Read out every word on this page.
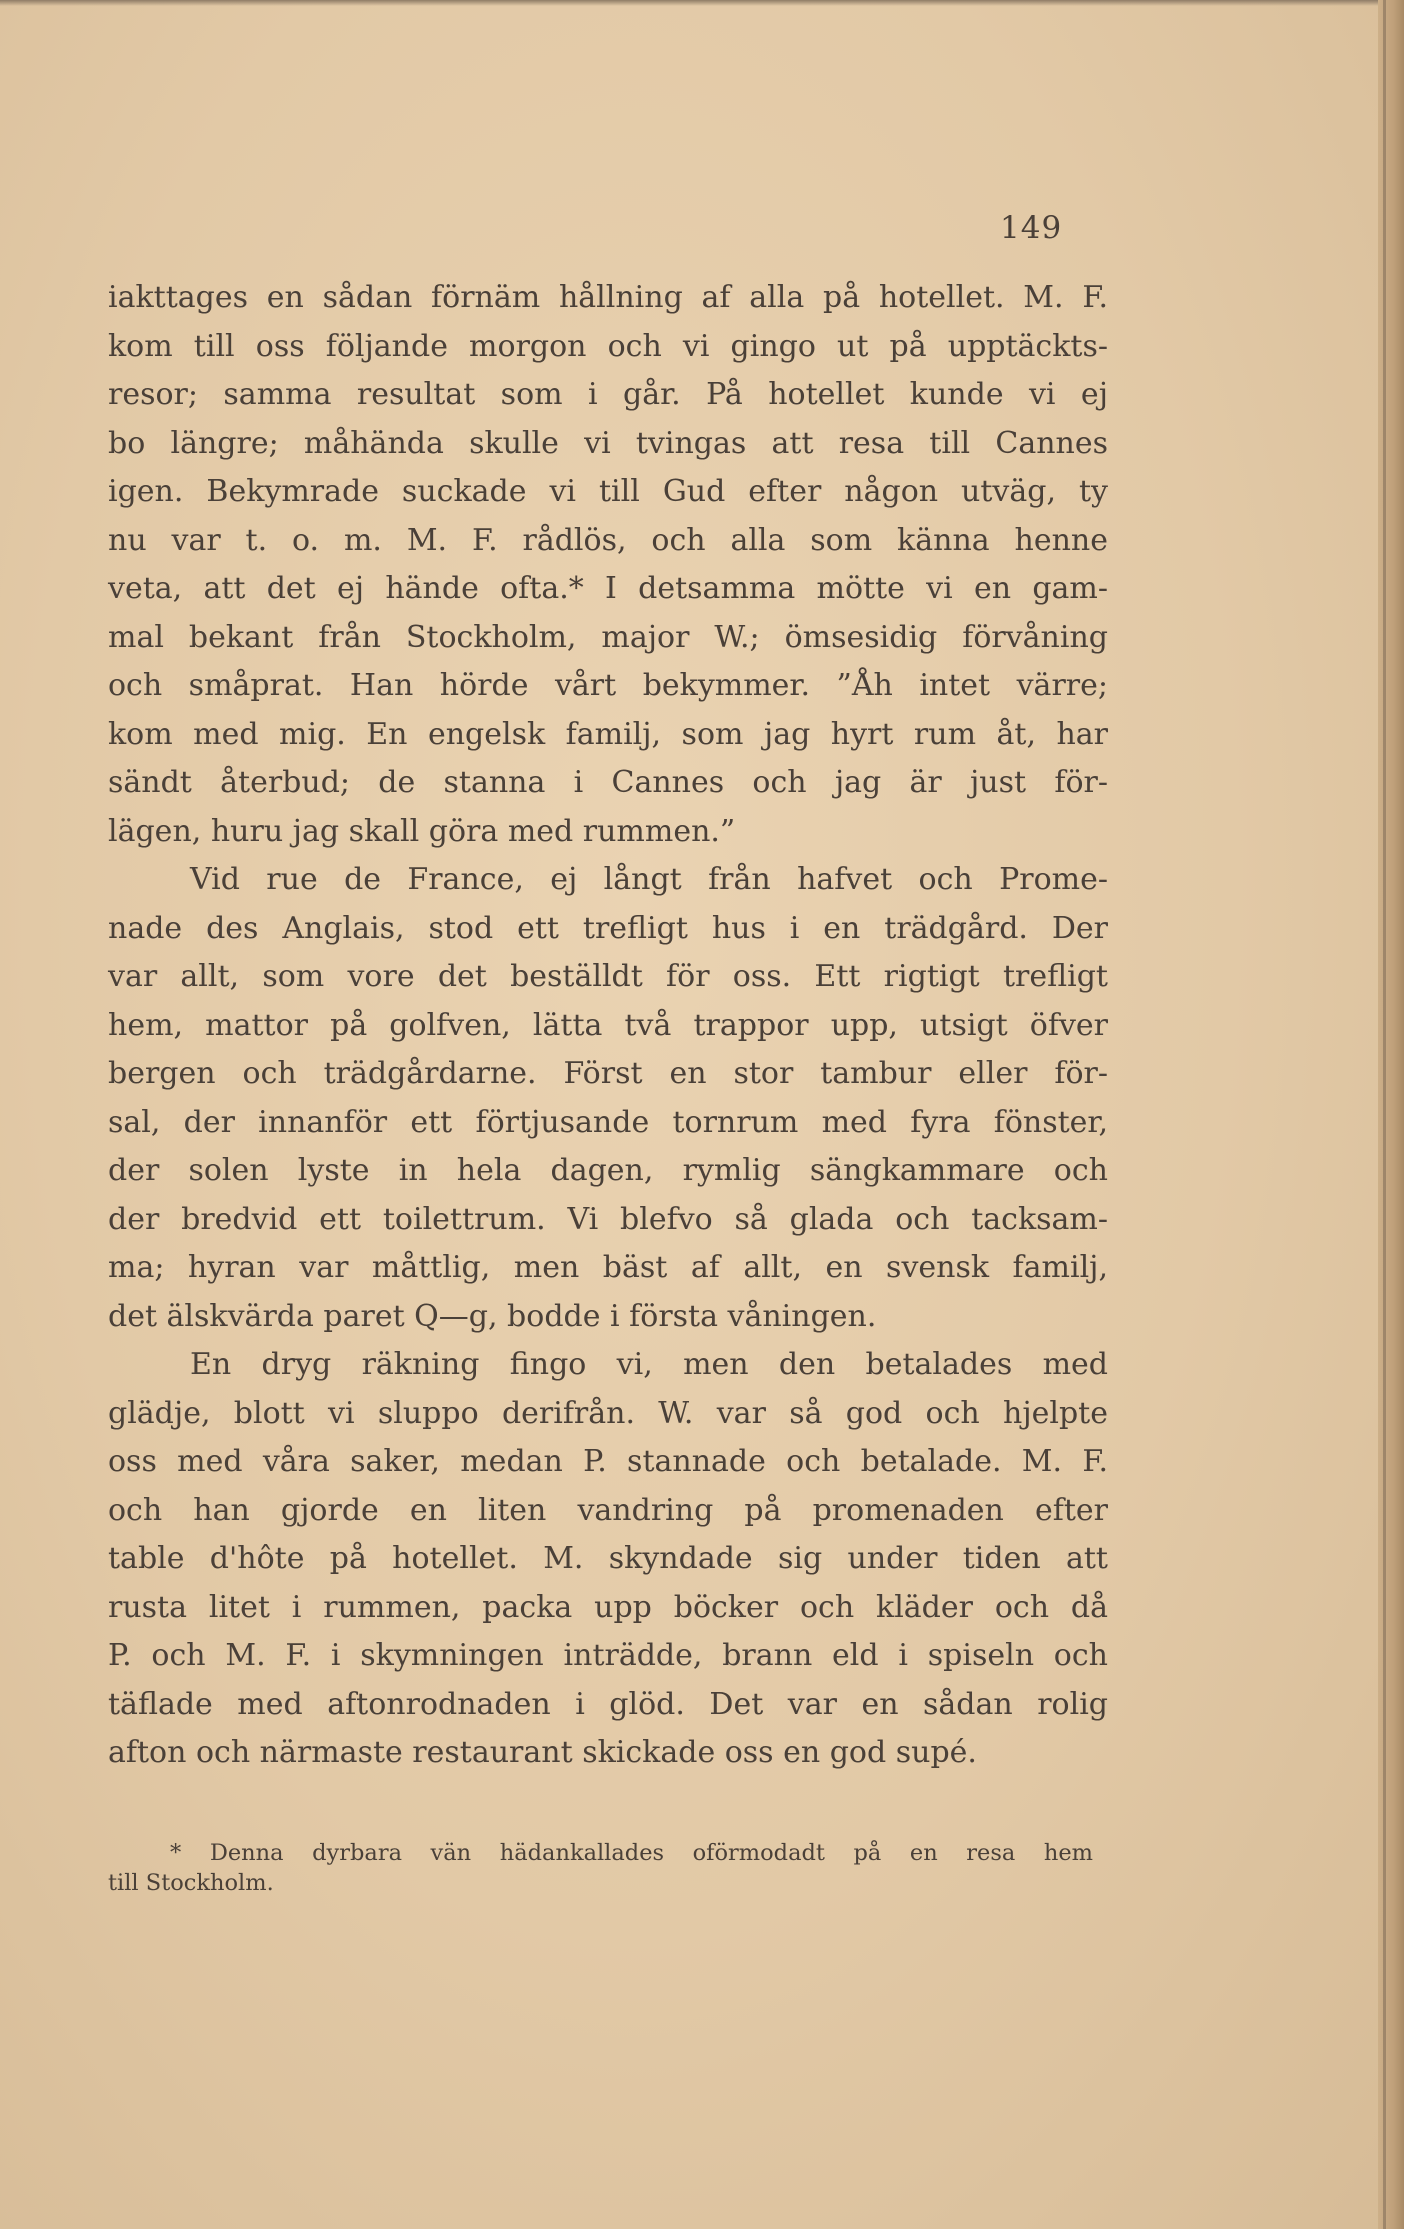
149
iakttages en sådan förnäm hållning af alla på hotellet. M. F.
kom till oss följande morgon och vi gingo ut på upptäckts-
resor; samma resultat som i går. På hotellet kunde vi ej
bo längre; måhända skulle vi tvingas att resa till Cannes
igen. Bekymrade suckade vi till Gud efter någon utväg, ty
nu var t. o. m. M. F. rådlös, och alla som känna henne
veta, att det ej hände ofta.* I detsamma mötte vi en gam-
mal bekant från Stockholm, major W.; ömsesidig förvåning
och småprat. Han hörde vårt bekymmer. ”Åh intet värre;
kom med mig. En engelsk familj, som jag hyrt rum åt, har
sändt återbud; de stanna i Cannes och jag är just för-
lägen, huru jag skall göra med rummen.”
Vid rue de France, ej långt från hafvet och Prome-
nade des Anglais, stod ett trefligt hus i en trädgård. Der
var allt, som vore det beställdt för oss. Ett rigtigt trefligt
hem, mattor på golfven, lätta två trappor upp, utsigt öfver
bergen och trädgårdarne. Först en stor tambur eller för-
sal, der innanför ett förtjusande tornrum med fyra fönster,
der solen lyste in hela dagen, rymlig sängkammare och
der bredvid ett toilettrum. Vi blefvo så glada och tacksam-
ma; hyran var måttlig, men bäst af allt, en svensk familj,
det älskvärda paret Q—g, bodde i första våningen.
En dryg räkning fingo vi, men den betalades med
glädje, blott vi sluppo derifrån. W. var så god och hjelpte
oss med våra saker, medan P. stannade och betalade. M. F.
och han gjorde en liten vandring på promenaden efter
table d'hôte på hotellet. M. skyndade sig under tiden att
rusta litet i rummen, packa upp böcker och kläder och då
P. och M. F. i skymningen inträdde, brann eld i spiseln och
täflade med aftonrodnaden i glöd. Det var en sådan rolig
afton och närmaste restaurant skickade oss en god supé.
* Denna dyrbara vän hädankallades oförmodadt på en resa hem
till Stockholm.
